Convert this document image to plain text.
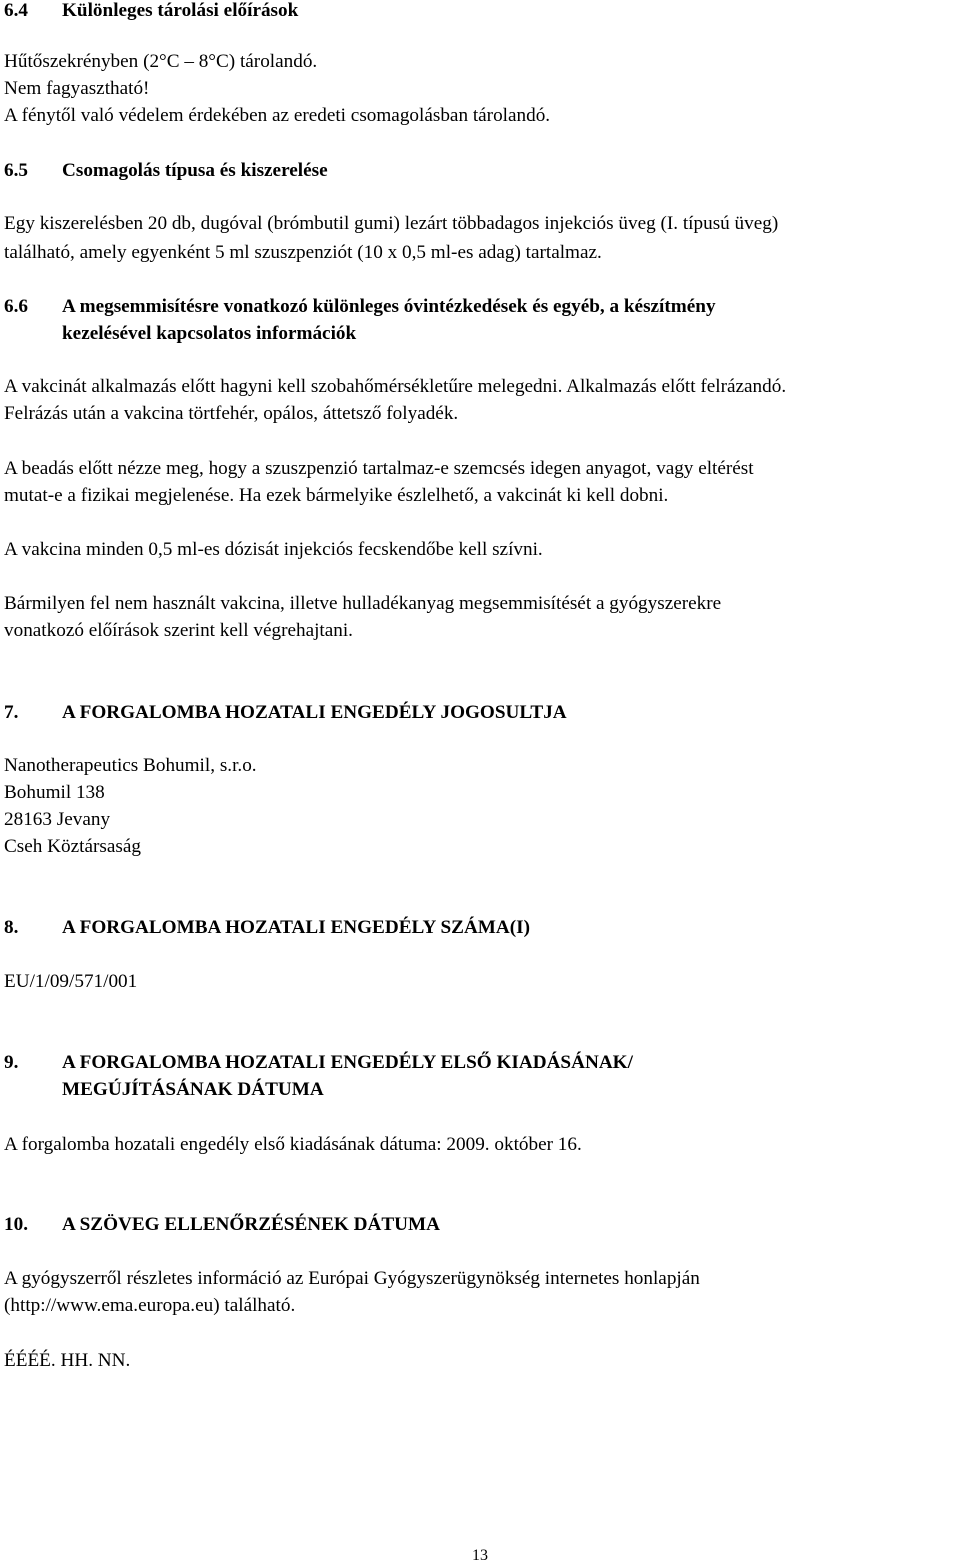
6.4 Különleges tárolási előírások
Hűtőszekrényben (2°C – 8°C) tárolandó.
Nem fagyasztható!
A fénytől való védelem érdekében az eredeti csomagolásban tárolandó.
6.5 Csomagolás típusa és kiszerelése
Egy kiszerelésben 20 db, dugóval (brómbutil gumi) lezárt többadagos injekciós üveg (I. típusú üveg)
található, amely egyenként 5 ml szuszpenziót (10 x 0,5 ml-es adag) tartalmaz.
6.6 A megsemmisítésre vonatkozó különleges óvintézkedések és egyéb, a készítmény
kezelésével kapcsolatos információk
A vakcinát alkalmazás előtt hagyni kell szobahőmérsékletűre melegedni. Alkalmazás előtt felrázandó.
Felrázás után a vakcina törtfehér, opálos, áttetsző folyadék.
A beadás előtt nézze meg, hogy a szuszpenzió tartalmaz-e szemcsés idegen anyagot, vagy eltérést
mutat-e a fizikai megjelenése. Ha ezek bármelyike észlelhető, a vakcinát ki kell dobni.
A vakcina minden 0,5 ml-es dózisát injekciós fecskendőbe kell szívni.
Bármilyen fel nem használt vakcina, illetve hulladékanyag megsemmisítését a gyógyszerekre
vonatkozó előírások szerint kell végrehajtani.
7. A FORGALOMBA HOZATALI ENGEDÉLY JOGOSULTJA
Nanotherapeutics Bohumil, s.r.o.
Bohumil 138
28163 Jevany
Cseh Köztársaság
8. A FORGALOMBA HOZATALI ENGEDÉLY SZÁMA(I)
EU/1/09/571/001
9. A FORGALOMBA HOZATALI ENGEDÉLY ELSŐ KIADÁSÁNAK/
MEGÚJÍTÁSÁNAK DÁTUMA
A forgalomba hozatali engedély első kiadásának dátuma: 2009. október 16.
10. A SZÖVEG ELLENŐRZÉSÉNEK DÁTUMA
A gyógyszerről részletes információ az Európai Gyógyszerügynökség internetes honlapján
(http://www.ema.europa.eu) található.
ÉÉÉÉ. HH. NN.
13
